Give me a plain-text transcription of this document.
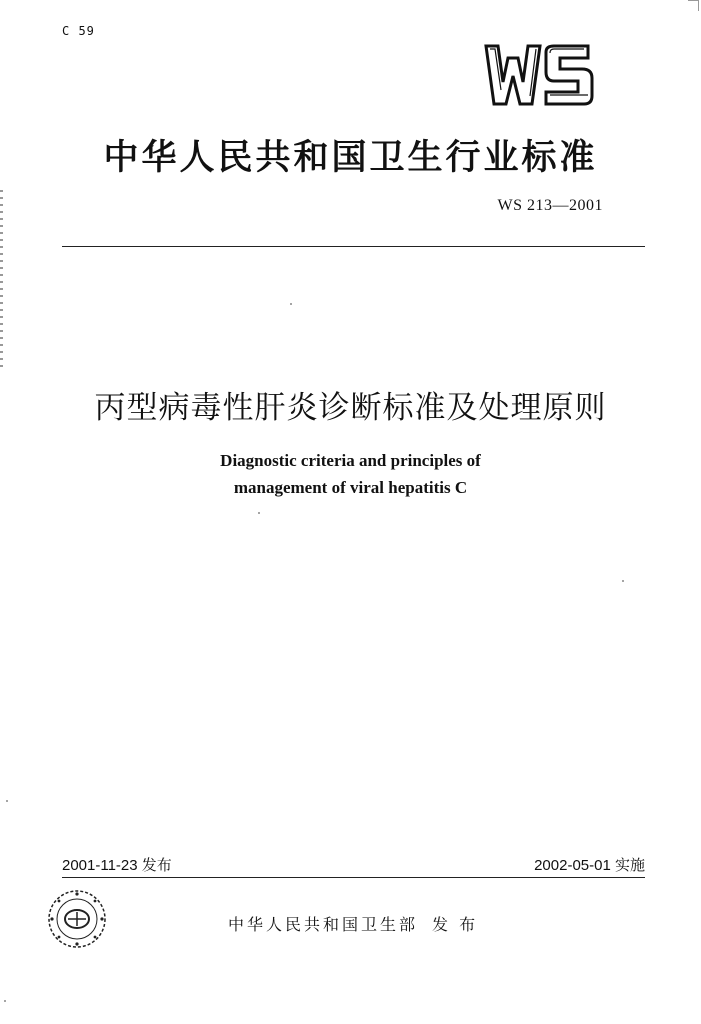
C 59
中华人民共和国卫生行业标准
WS 213—2001
丙型病毒性肝炎诊断标准及处理原则
Diagnostic criteria and principles of
management of viral hepatitis C
2001-11-23 发布	2002-05-01 实施
中华人民共和国卫生部 发 布
